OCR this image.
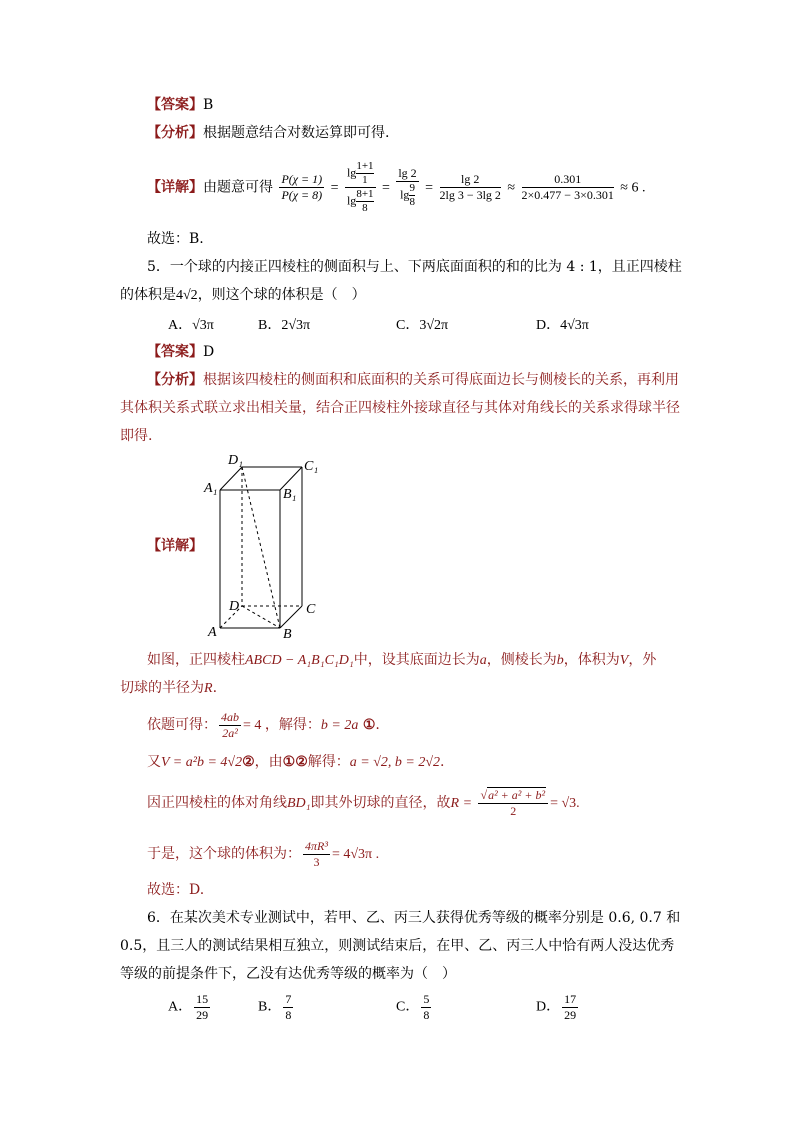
【答案】B
【分析】根据题意结合对数运算即可得.
【详解】由题意可得 $\frac{P(\chi = 1)}{P(\chi = 8)} = \frac{\lg \frac{1+1}{1}}{\lg \frac{8+1}{8}} = \frac{\lg 2}{\lg \frac{9}{8}} = \frac{\lg 2}{2\lg 3 - 3\lg 2} \approx \frac{0.301}{2\times 0.477 - 3\times 0.301} \approx 6$ .
故选：B.
5．一个球的内接正四棱柱的侧面积与上、下两底面面积的和的比为 4 : 1，且正四棱柱
的体积是4√2，则这个球的体积是（　）
A．√3π	B．2√3π	C．3√2π	D．4√3π
【答案】D
【分析】根据该四棱柱的侧面积和底面积的关系可得底面边长与侧棱长的关系，再利用
其体积关系式联立求出相关量，结合正四棱柱外接球直径与其体对角线长的关系求得球半径
即得.
【详解】
D₁	C₁
A₁	B₁
D	C
A	B
如图，正四棱柱ABCD − A₁B₁C₁D₁中，设其底面边长为a，侧棱长为b，体积为V，外
切球的半径为R.
依题可得： $\frac{4ab}{\text{2a²}} = 4$ ，解得：b = 2a ①.
又V = a²b = 4√2②，由①②解得：a = √2, b = 2√2.
因正四棱柱的体对角线BD₁即其外切球的直径，故$R = \frac{\text{√a² + a² + b²}}{2} = √3$.
于是，这个球的体积为： $\frac{\text{4πR³}}{3} = 4√3\pi$ .
故选：D.
6．在某次美术专业测试中，若甲、乙、丙三人获得优秀等级的概率分别是 0.6, 0.7 和
0.5，且三人的测试结果相互独立，则测试结束后，在甲、乙、丙三人中恰有两人没达优秀
等级的前提条件下，乙没有达优秀等级的概率为（　）
A． $\frac{15}{29}$	B． $\frac{7}{8}$	C． $\frac{5}{8}$	D． $\frac{17}{29}$
